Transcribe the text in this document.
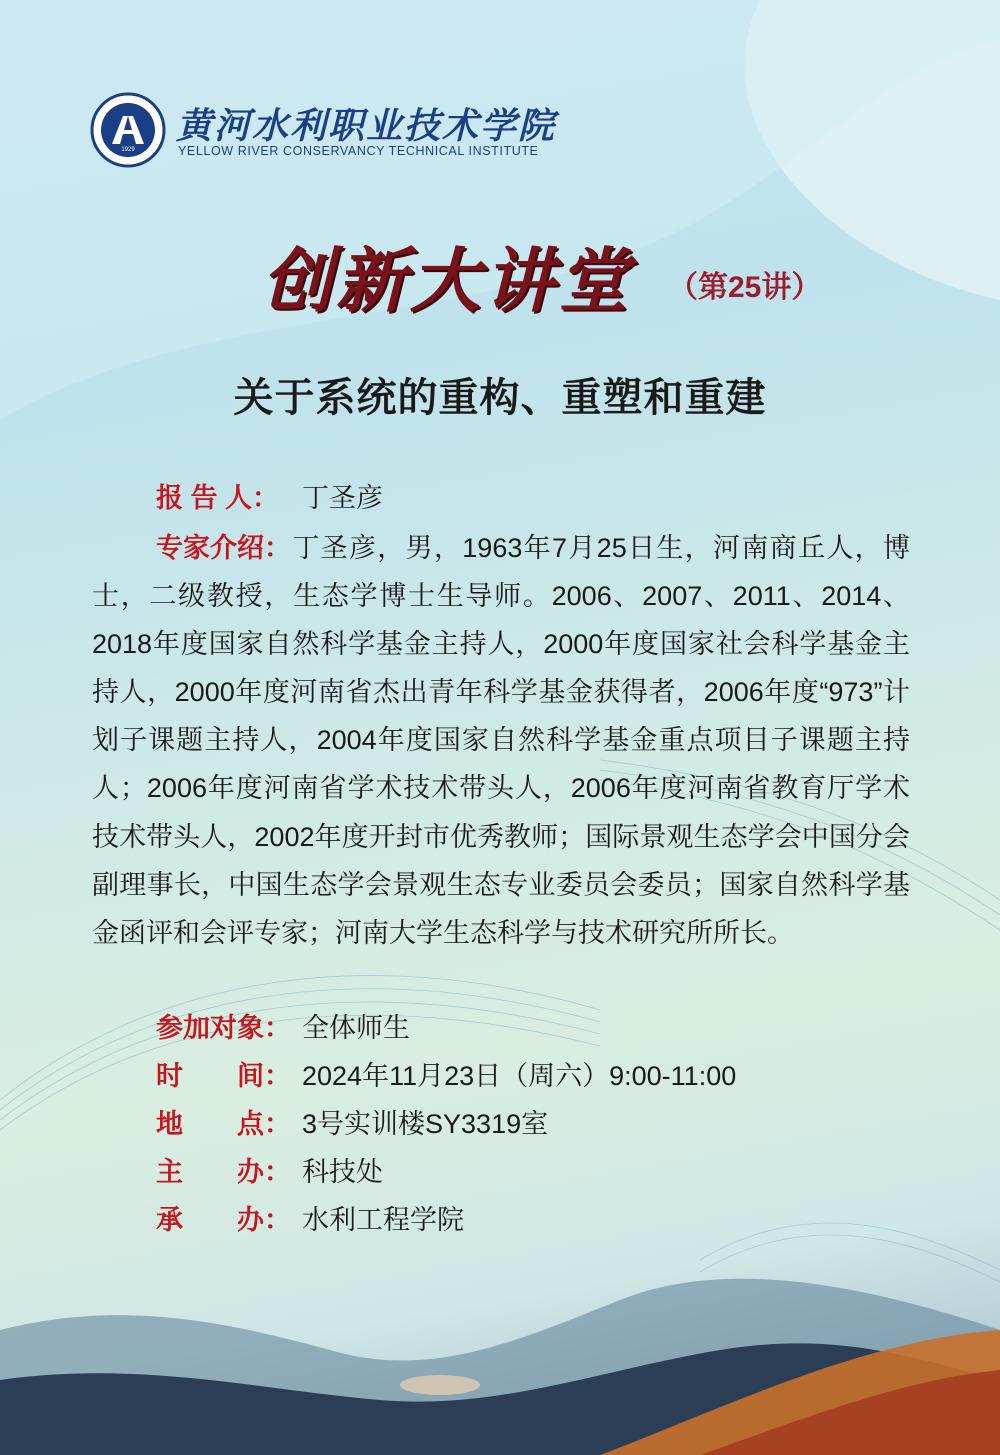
1929
黄河水利职业技术学院
YELLOW RIVER CONSERVANCY TECHNICAL INSTITUTE
创新大讲堂 （第25讲）
关于系统的重构、重塑和重建
报 告 人： 丁圣彦
专家介绍：丁圣彦，男，1963年7月25日生，河南商丘人，博士，二级教授，生态学博士生导师。2006、2007、2011、2014、2018年度国家自然科学基金主持人，2000年度国家社会科学基金主持人，2000年度河南省杰出青年科学基金获得者，2006年度“973”计划子课题主持人，2004年度国家自然科学基金重点项目子课题主持人；2006年度河南省学术技术带头人，2006年度河南省教育厅学术技术带头人，2002年度开封市优秀教师；国际景观生态学会中国分会副理事长，中国生态学会景观生态专业委员会委员；国家自然科学基金函评和会评专家；河南大学生态科学与技术研究所所长。
参加对象： 全体师生
时　　间： 2024年11月23日（周六）9:00-11:00
地　　点： 3号实训楼SY3319室
主　　办： 科技处
承　　办： 水利工程学院
